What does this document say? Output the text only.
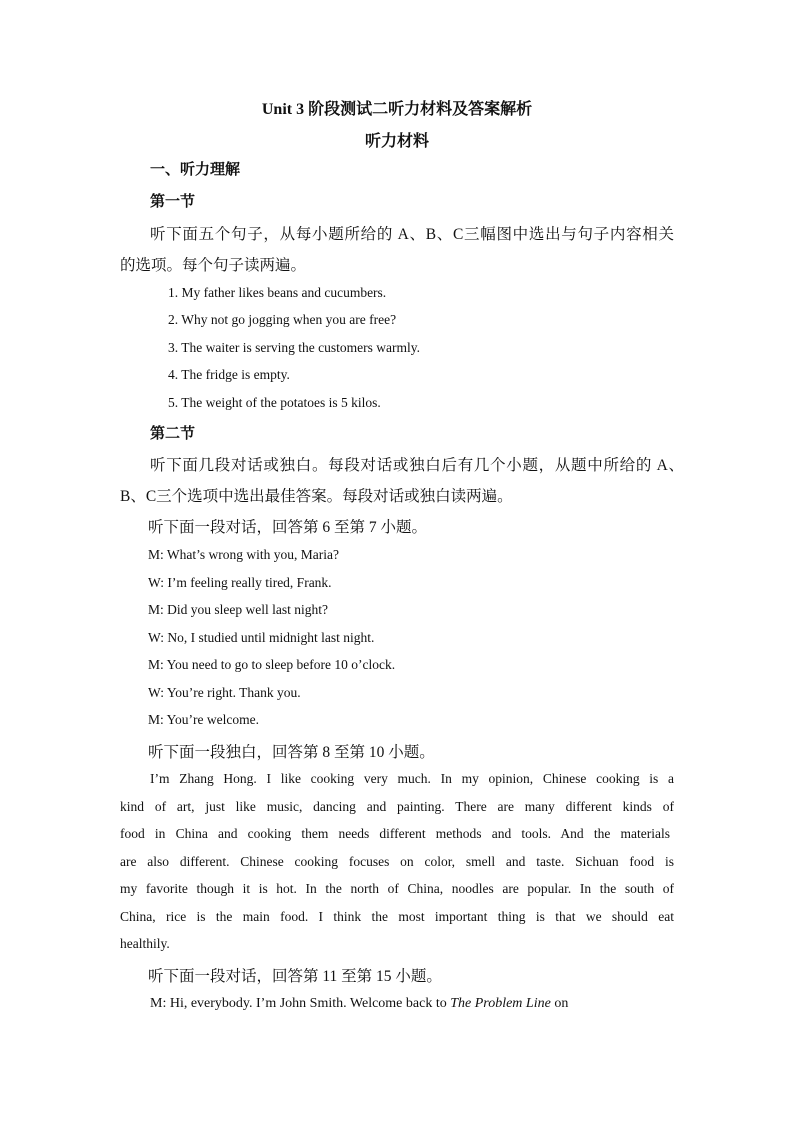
Unit 3 阶段测试二听力材料及答案解析
听力材料
一、听力理解
第一节
听下面五个句子，从每小题所给的 A、B、C三幅图中选出与句子内容相关
的选项。每个句子读两遍。
1. My father likes beans and cucumbers.
2. Why not go jogging when you are free?
3. The waiter is serving the customers warmly.
4. The fridge is empty.
5. The weight of the potatoes is 5 kilos.
第二节
听下面几段对话或独白。每段对话或独白后有几个小题，从题中所给的 A、
B、C三个选项中选出最佳答案。每段对话或独白读两遍。
听下面一段对话，回答第 6 至第 7 小题。
M: What’s wrong with you, Maria?
W: I’m feeling really tired, Frank.
M: Did you sleep well last night?
W: No, I studied until midnight last night.
M: You need to go to sleep before 10 o’clock.
W: You’re right. Thank you.
M: You’re welcome.
听下面一段独白，回答第 8 至第 10 小题。
I’m Zhang Hong. I like cooking very much. In my opinion, Chinese cooking is a
kind of art, just like music, dancing and painting. There are many different kinds of
food in China and cooking them needs different methods and tools. And the materials
are also different. Chinese cooking focuses on color, smell and taste. Sichuan food is
my favorite though it is hot. In the north of China, noodles are popular. In the south of
China, rice is the main food. I think the most important thing is that we should eat
healthily.
听下面一段对话，回答第 11 至第 15 小题。
M: Hi, everybody. I’m John Smith. Welcome back to The Problem Line on
